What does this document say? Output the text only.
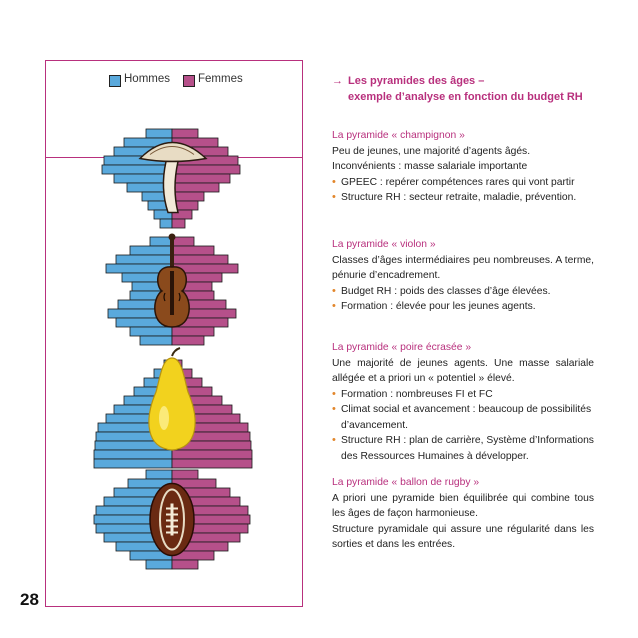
Hommes Femmes	→ Les pyramides des âges –
exemple d’analyse en fonction du budget RH
La pyramide « champignon »
Peu de jeunes, une majorité d’agents âgés.
Inconvénients : masse salariale importante
• GPEEC : repérer compétences rares qui vont partir
• Structure RH : secteur retraite, maladie, prévention.
La pyramide « violon »
Classes d’âges intermédiaires peu nombreuses. A terme, pénurie d’encadrement.
• Budget RH : poids des classes d’âge élevées.
• Formation : élevée pour les jeunes agents.
La pyramide « poire écrasée »
Une majorité de jeunes agents. Une masse salariale allégée et a priori un « potentiel » élevé.
• Formation : nombreuses FI et FC
• Climat social et avancement : beaucoup de possibilités d’avancement.
• Structure RH : plan de carrière, Système d’Informations des Ressources Humaines à développer.
La pyramide « ballon de rugby »
A priori une pyramide bien équilibrée qui combine tous les âges de façon harmonieuse.
Structure pyramidale qui assure une régularité dans les sorties et dans les entrées.
28
